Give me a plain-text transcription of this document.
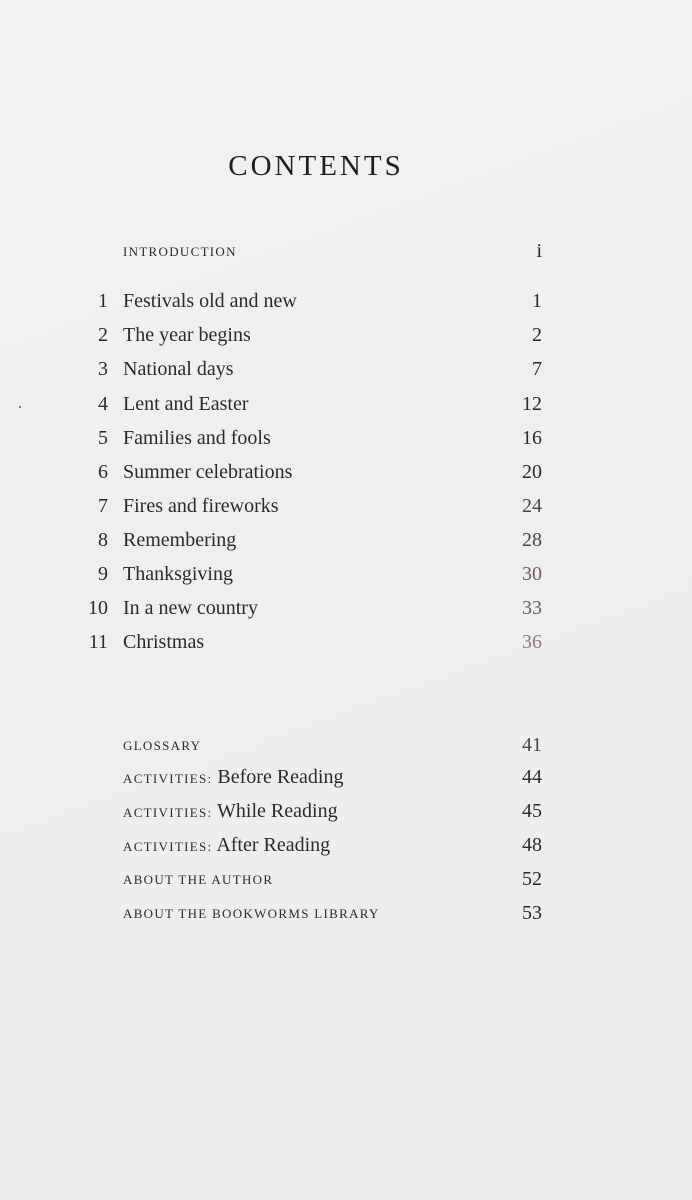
CONTENTS
INTRODUCTION	i
1 Festivals old and new	1
2 The year begins	2
3 National days	7
4 Lent and Easter	12
5 Families and fools	16
6 Summer celebrations	20
7 Fires and fireworks	24
8 Remembering	28
9 Thanksgiving	30
10 In a new country	33
11 Christmas	36
GLOSSARY	41
ACTIVITIES: Before Reading	44
ACTIVITIES: While Reading	45
ACTIVITIES: After Reading	48
ABOUT THE AUTHOR	52
ABOUT THE BOOKWORMS LIBRARY	53
